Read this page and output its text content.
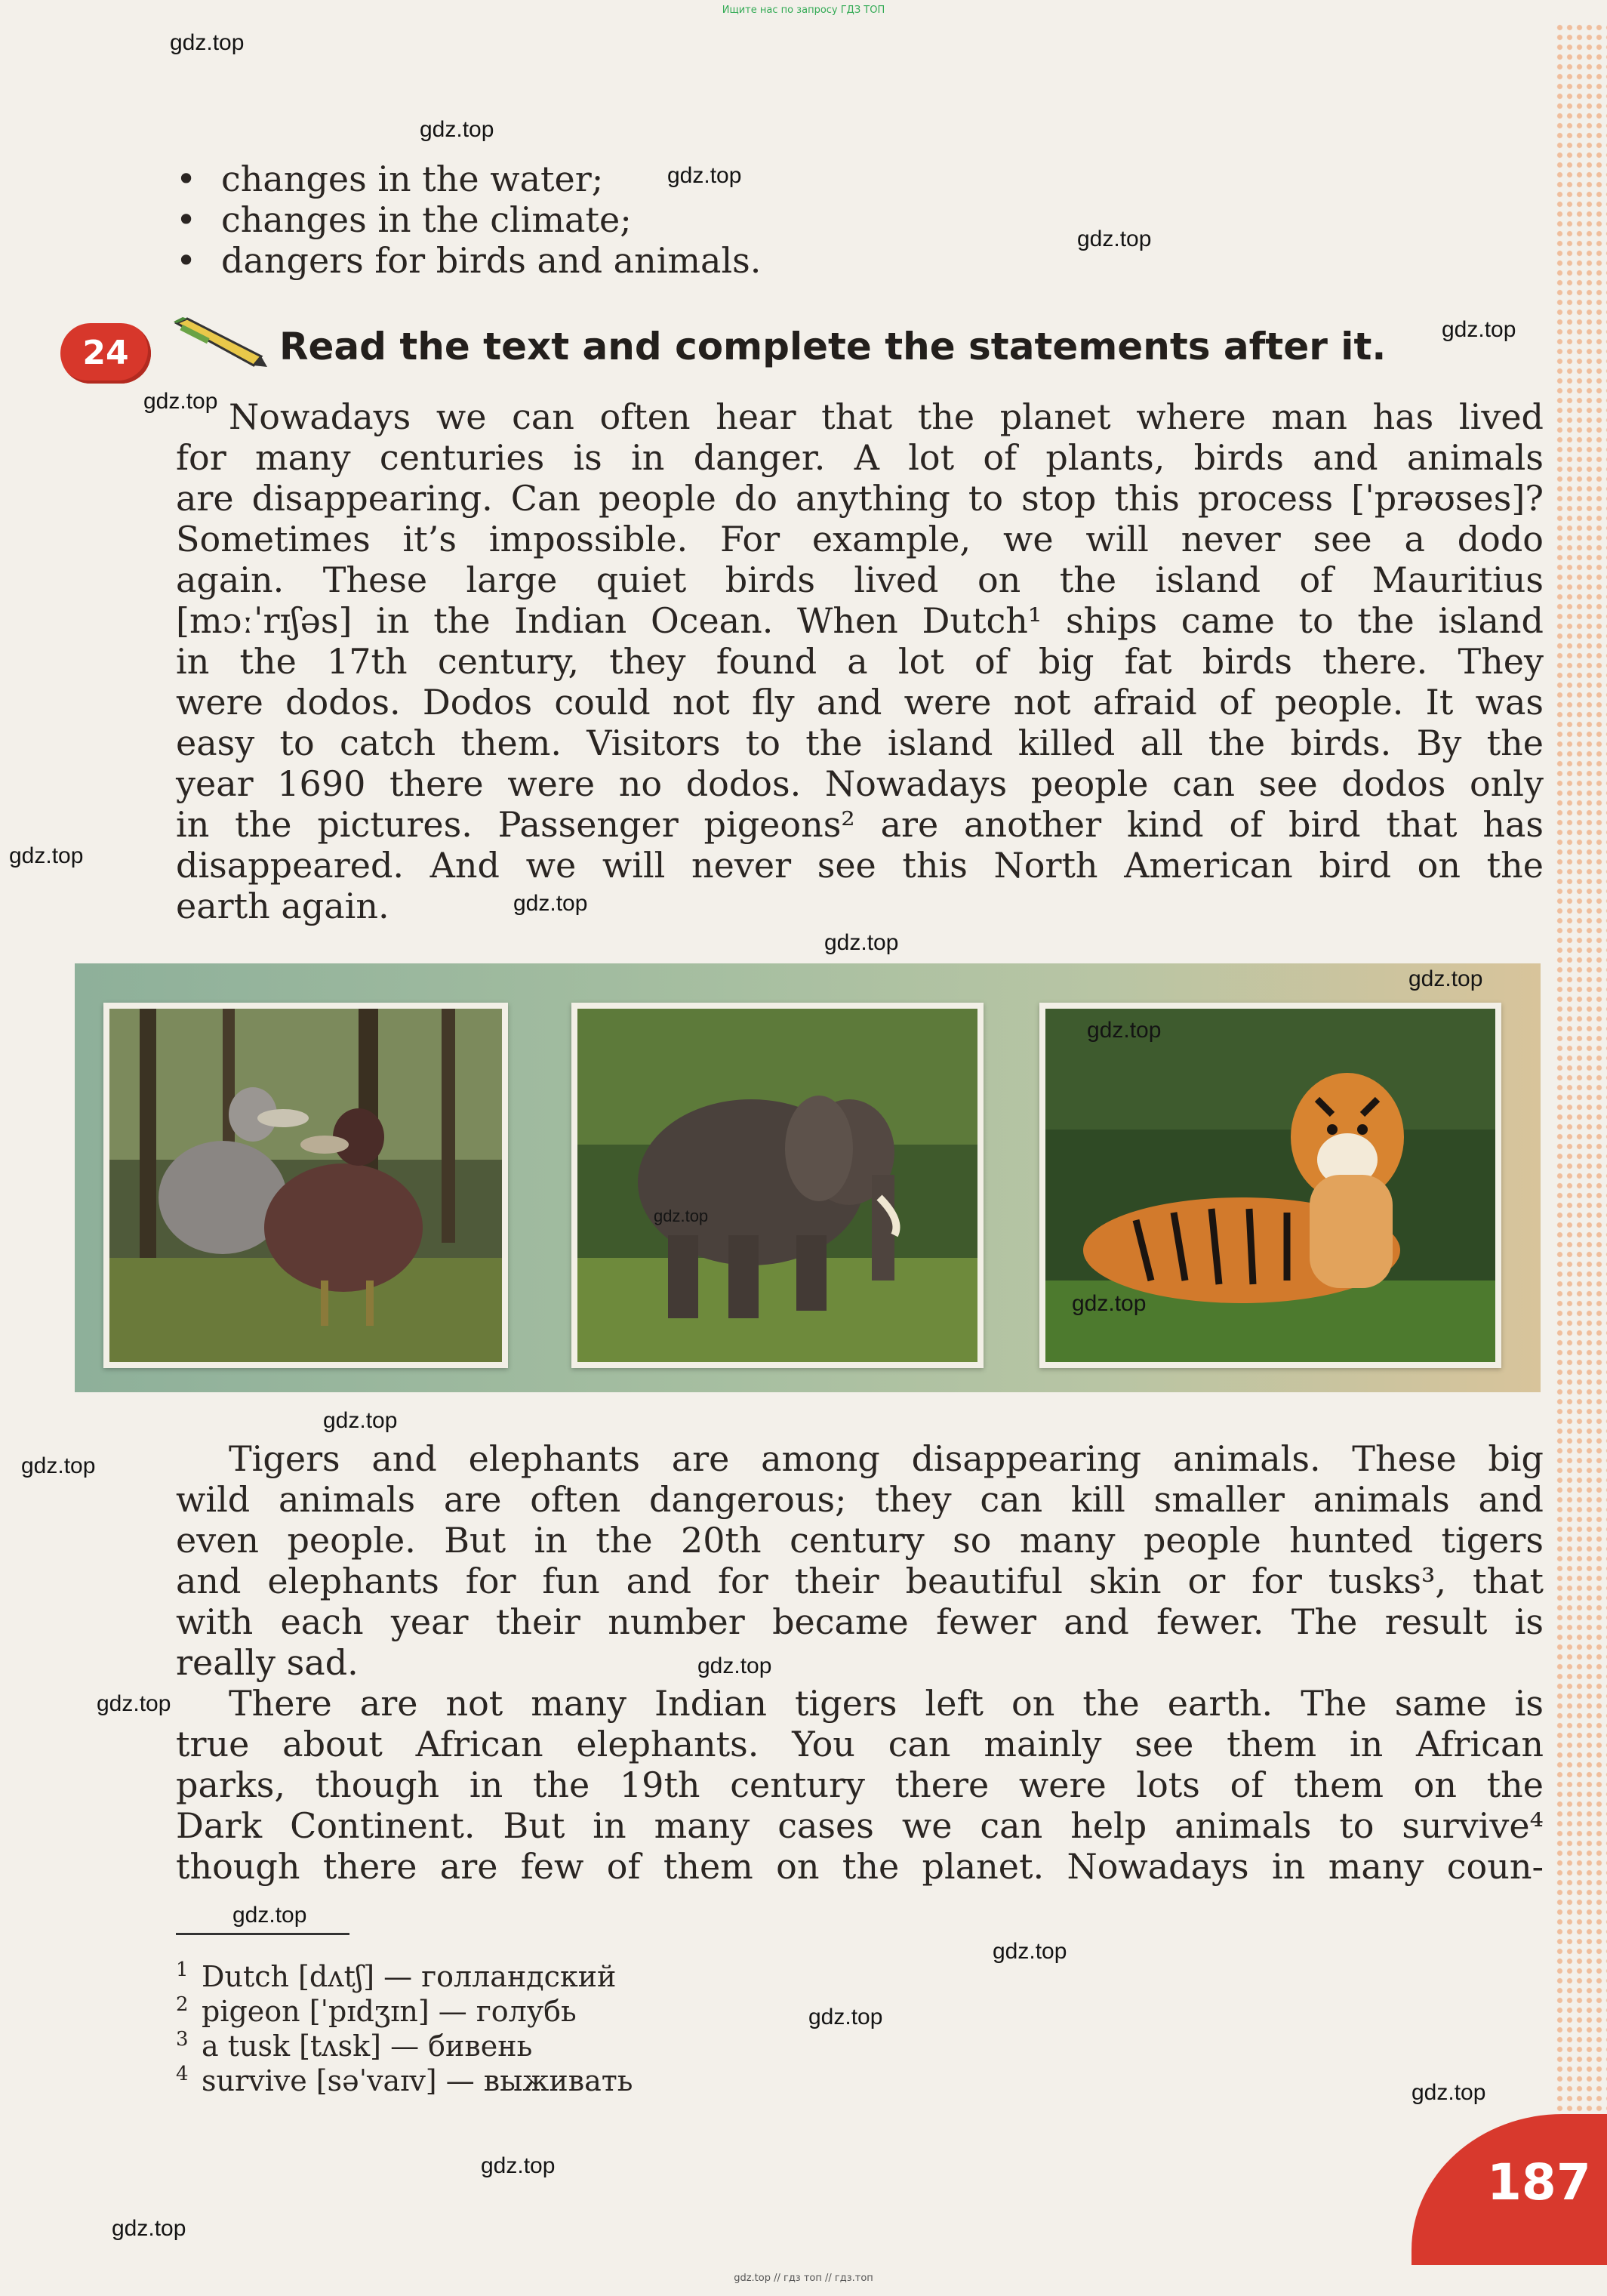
Ищите нас по запросу ГДЗ ТОП
• changes in the water;
• changes in the climate;
• dangers for birds and animals.
24	Read the text and complete the statements after it.
Nowadays we can often hear that the planet where man has lived
for many centuries is in danger. A lot of plants, birds and animals
are disappearing. Can people do anything to stop this process [ˈprəʊses]?
Sometimes it’s impossible. For example, we will never see a dodo
again. These large quiet birds lived on the island of Mauritius
[mɔːˈrɪʃəs] in the Indian Ocean. When Dutch¹ ships came to the island
in the 17th century, they found a lot of big fat birds there. They
were dodos. Dodos could not fly and were not afraid of people. It was
easy to catch them. Visitors to the island killed all the birds. By the
year 1690 there were no dodos. Nowadays people can see dodos only
in the pictures. Passenger pigeons² are another kind of bird that has
disappeared. And we will never see this North American bird on the
earth again.
Tigers and elephants are among disappearing animals. These big
wild animals are often dangerous; they can kill smaller animals and
even people. But in the 20th century so many people hunted tigers
and elephants for fun and for their beautiful skin or for tusks³, that
with each year their number became fewer and fewer. The result is
really sad.
There are not many Indian tigers left on the earth. The same is
true about African elephants. You can mainly see them in African
parks, though in the 19th century there were lots of them on the
Dark Continent. But in many cases we can help animals to survive⁴
though there are few of them on the planet. Nowadays in many coun-
1 Dutch [dʌtʃ] — голландский
2 pigeon [ˈpɪdʒɪn] — голубь
3 a tusk [tʌsk] — бивень
4 survive [səˈvaɪv] — выживать
187
gdz.top
gdz.top
gdz.top
gdz.top
gdz.top
gdz.top
gdz.top
gdz.top
gdz.top
gdz.top
gdz.top
gdz.top
gdz.top
gdz.top
gdz.top
gdz.top
gdz.top
gdz.top
gdz.top
gdz.top
gdz.top
gdz.top
gdz.top
gdz.top // гдз топ // гдз.топ
